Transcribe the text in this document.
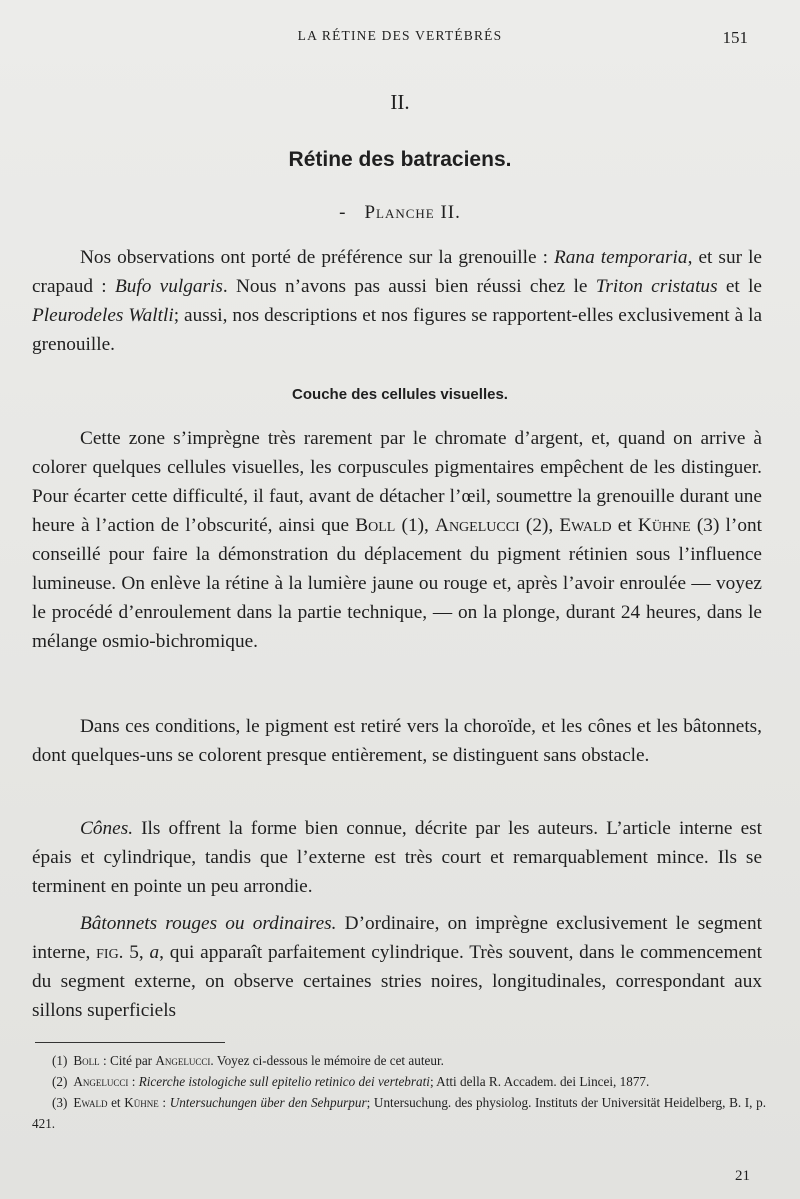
LA RÉTINE DES VERTÉBRÉS	151
II.
Rétine des batraciens.
- Planche II.

Nos observations ont porté de préférence sur la grenouille : Rana temporaria, et sur le crapaud : Bufo vulgaris. Nous n’avons pas aussi bien réussi chez le Triton cristatus et le Pleurodeles Waltli; aussi, nos descriptions et nos figures se rapportent-elles exclusivement à la grenouille.

Couche des cellules visuelles.

Cette zone s’imprègne très rarement par le chromate d’argent, et, quand on arrive à colorer quelques cellules visuelles, les corpuscules pigmentaires empêchent de les distinguer. Pour écarter cette difficulté, il faut, avant de détacher l’œil, soumettre la grenouille durant une heure à l’action de l’obscurité, ainsi que Boll (1), Angelucci (2), Ewald et Kühne (3) l’ont conseillé pour faire la démonstration du déplacement du pigment rétinien sous l’influence lumineuse. On enlève la rétine à la lumière jaune ou rouge et, après l’avoir enroulée — voyez le procédé d’enroulement dans la partie technique, — on la plonge, durant 24 heures, dans le mélange osmio-bichromique.

Dans ces conditions, le pigment est retiré vers la choroïde, et les cônes et les bâtonnets, dont quelques-uns se colorent presque entièrement, se distinguent sans obstacle.

Cônes. Ils offrent la forme bien connue, décrite par les auteurs. L’article interne est épais et cylindrique, tandis que l’externe est très court et remarquablement mince. Ils se terminent en pointe un peu arrondie.

Bâtonnets rouges ou ordinaires. D’ordinaire, on imprègne exclusivement le segment interne, fig. 5, a, qui apparaît parfaitement cylindrique. Très souvent, dans le commencement du segment externe, on observe certaines stries noires, longitudinales, correspondant aux sillons superficiels

(1) Boll : Cité par Angelucci. Voyez ci-dessous le mémoire de cet auteur.

(2) Angelucci : Ricerche istologiche sull epitelio retinico dei vertebrati; Atti della R. Accadem. dei Lincei, 1877.

(3) Ewald et Kühne : Untersuchungen über den Sehpurpur; Untersuchung. des physiolog. Instituts der Universität Heidelberg, B. I, p. 421.

21
